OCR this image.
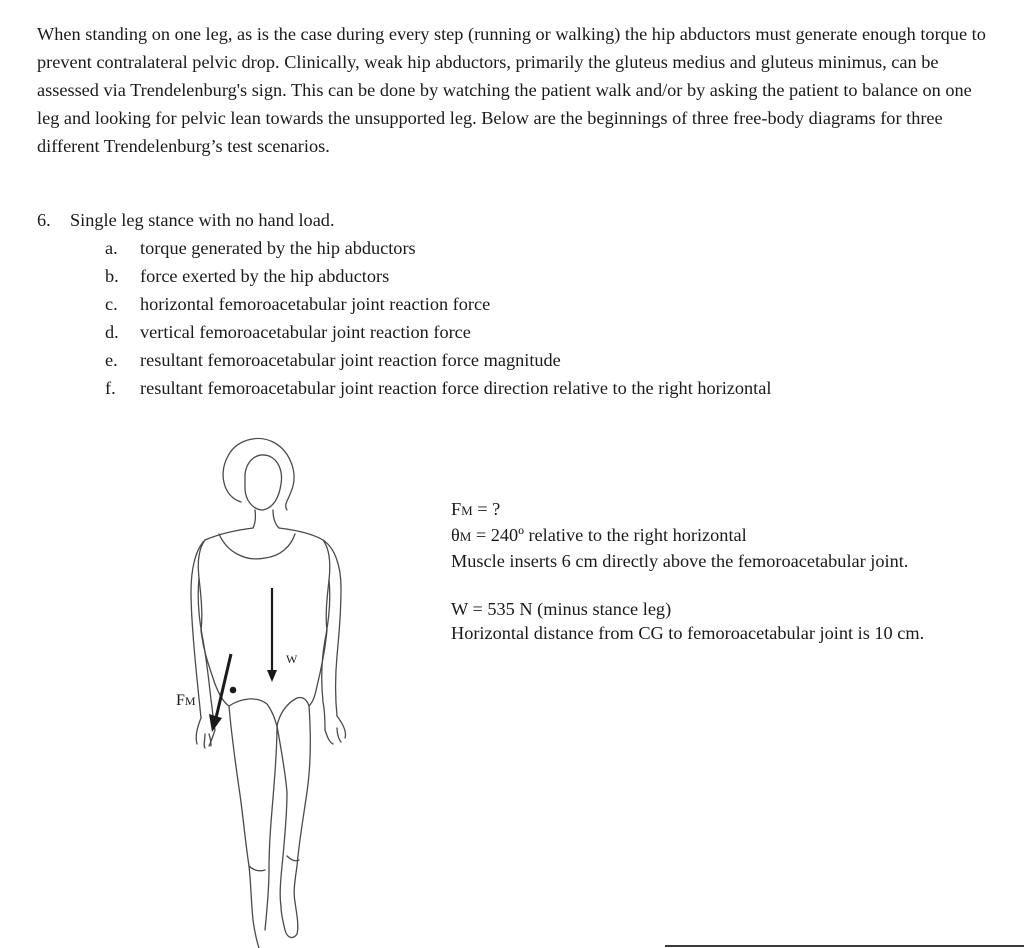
When standing on one leg, as is the case during every step (running or walking) the hip abductors must generate enough torque to prevent contralateral pelvic drop. Clinically, weak hip abductors, primarily the gluteus medius and gluteus minimus, can be assessed via Trendelenburg's sign. This can be done by watching the patient walk and/or by asking the patient to balance on one leg and looking for pelvic lean towards the unsupported leg. Below are the beginnings of three free-body diagrams for three different Trendelenburg’s test scenarios.

6.	Single leg stance with no hand load.
a.	torque generated by the hip abductors
b.	force exerted by the hip abductors
c.	horizontal femoroacetabular joint reaction force
d.	vertical femoroacetabular joint reaction force
e.	resultant femoroacetabular joint reaction force magnitude
f.	resultant femoroacetabular joint reaction force direction relative to the right horizontal
W
FM
FM = ?
θM = 240º relative to the right horizontal
Muscle inserts 6 cm directly above the femoroacetabular joint.
W = 535 N (minus stance leg)
Horizontal distance from CG to femoroacetabular joint is 10 cm.
